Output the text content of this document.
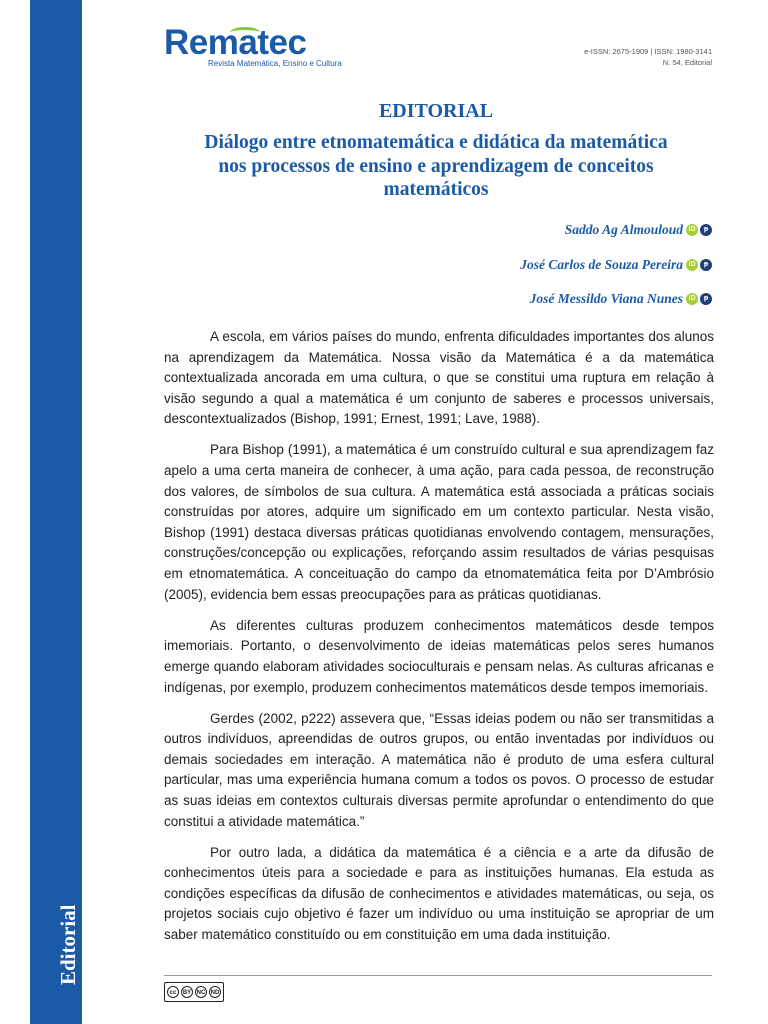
Editorial
Rematec
Revista Matemática, Ensino e Cultura
e-ISSN: 2675-1909 | ISSN: 1980-3141
N. 54, Editorial
EDITORIAL
Diálogo entre etnomatemática e didática da matemática
nos processos de ensino e aprendizagem de conceitos
matemáticos
Saddo Ag Almouloud iD	ᵽ
José Carlos de Souza Pereira iD	ᵽ
José Messildo Viana Nunes iD	ᵽ

A escola, em vários países do mundo, enfrenta dificuldades importantes dos alunos na aprendizagem da Matemática. Nossa visão da Matemática é a da matemática contextualizada ancorada em uma cultura, o que se constitui uma ruptura em relação à visão segundo a qual a matemática é um conjunto de saberes e processos universais, descontextualizados (Bishop, 1991; Ernest, 1991; Lave, 1988).

Para Bishop (1991), a matemática é um construído cultural e sua aprendizagem faz apelo a uma certa maneira de conhecer, à uma ação, para cada pessoa, de reconstrução dos valores, de símbolos de sua cultura. A matemática está associada a práticas sociais construídas por atores, adquire um significado em um contexto particular. Nesta visão, Bishop (1991) destaca diversas práticas quotidianas envolvendo contagem, mensurações, construções/concepção ou explicações, reforçando assim resultados de várias pesquisas em etnomatemática. A conceituação do campo da etnomatemática feita por D’Ambrósio (2005), evidencia bem essas preocupações para as práticas quotidianas.

As diferentes culturas produzem conhecimentos matemáticos desde tempos imemoriais. Portanto, o desenvolvimento de ideias matemáticas pelos seres humanos emerge quando elaboram atividades socioculturais e pensam nelas. As culturas africanas e indígenas, por exemplo, produzem conhecimentos matemáticos desde tempos imemoriais.

Gerdes (2002, p222) assevera que, “Essas ideias podem ou não ser transmitidas a outros indivíduos, apreendidas de outros grupos, ou então inventadas por indivíduos ou demais sociedades em interação. A matemática não é produto de uma esfera cultural particular, mas uma experiência humana comum a todos os povos. O processo de estudar as suas ideias em contextos culturais diversas permite aprofundar o entendimento do que constitui a atividade matemática.”

Por outro lada, a didática da matemática é a ciência e a arte da difusão de conhecimentos úteis para a sociedade e para as instituições humanas. Ela estuda as condições específicas da difusão de conhecimentos e atividades matemáticas, ou seja, os projetos sociais cujo objetivo é fazer um indivíduo ou uma instituição se apropriar de um saber matemático constituído ou em constituição em uma dada instituição.

cc	BY NC ND
